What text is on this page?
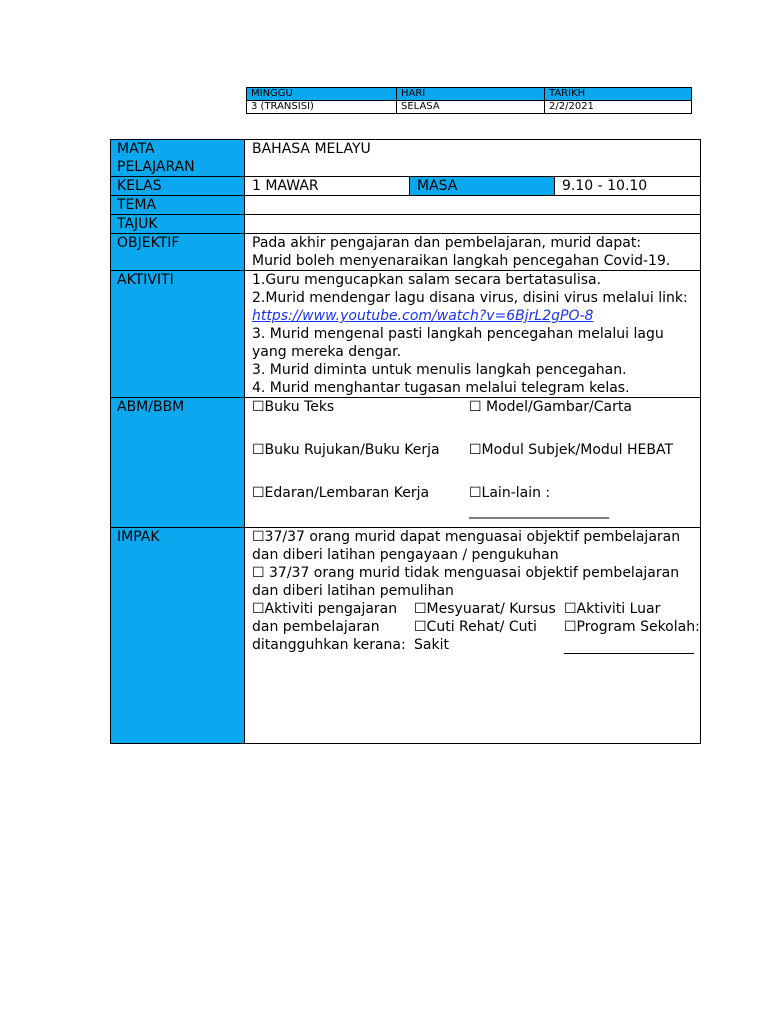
MINGGU	HARI	TARIKH
3 (TRANSISI)	SELASA	2/2/2021
MATA
PELAJARAN
	BAHASA MELAYU
KELAS	1 MAWAR	MASA	9.10 - 10.10

TEMA	
TAJUK	
OBJEKTIF	Pada akhir pengajaran dan pembelajaran, murid dapat:
Murid boleh menyenaraikan langkah pencegahan Covid-19.

AKTIVITI	1.Guru mengucapkan salam secara bertatasulisa.
2.Murid mendengar lagu disana virus, disini virus melalui link:
https://www.youtube.com/watch?v=6BjrL2gPO-8
3. Murid mengenal pasti langkah pencegahan melalui lagu yang mereka dengar.
3. Murid diminta untuk menulis langkah pencegahan.
4. Murid menghantar tugasan melalui telegram kelas.

ABM/BBM		☐Buku Teks	☐ Model/Gambar/Carta
☐Buku Rujukan/Buku Kerja	☐Modul Subjek/Modul HEBAT
☐Edaran/Lembaran Kerja	☐Lain-lain :
____________________

IMPAK	☐37/37 orang murid dapat menguasai objektif pembelajaran dan diberi latihan pengayaan / pengukuhan
☐ 37/37 orang murid tidak menguasai objektif pembelajaran dan diberi latihan pemulihan
☐Aktiviti pengajaran dan pembelajaran ditangguhkan kerana:	
☐Mesyuarat/ Kursus
☐Cuti Rehat/ Cuti Sakit

☐Aktiviti Luar
☐Program Sekolah:
